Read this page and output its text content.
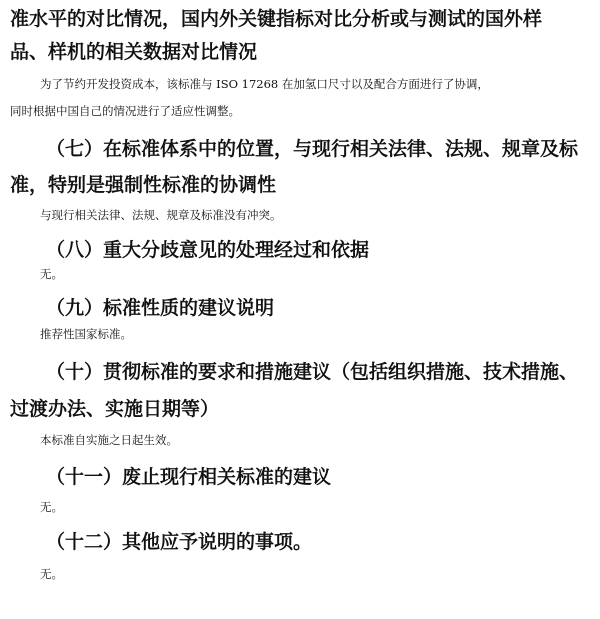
准水平的对比情况，国内外关键指标对比分析或与测试的国外样

品、样机的相关数据对比情况

为了节约开发投资成本，该标准与 ISO 17268 在加氢口尺寸以及配合方面进行了协调，

同时根据中国自己的情况进行了适应性调整。

（七）在标准体系中的位置，与现行相关法律、法规、规章及标

准，特别是强制性标准的协调性

与现行相关法律、法规、规章及标准没有冲突。

（八）重大分歧意见的处理经过和依据

无。

（九）标准性质的建议说明

推荐性国家标准。

（十）贯彻标准的要求和措施建议（包括组织措施、技术措施、

过渡办法、实施日期等）

本标准自实施之日起生效。

（十一）废止现行相关标准的建议

无。

（十二）其他应予说明的事项。

无。
